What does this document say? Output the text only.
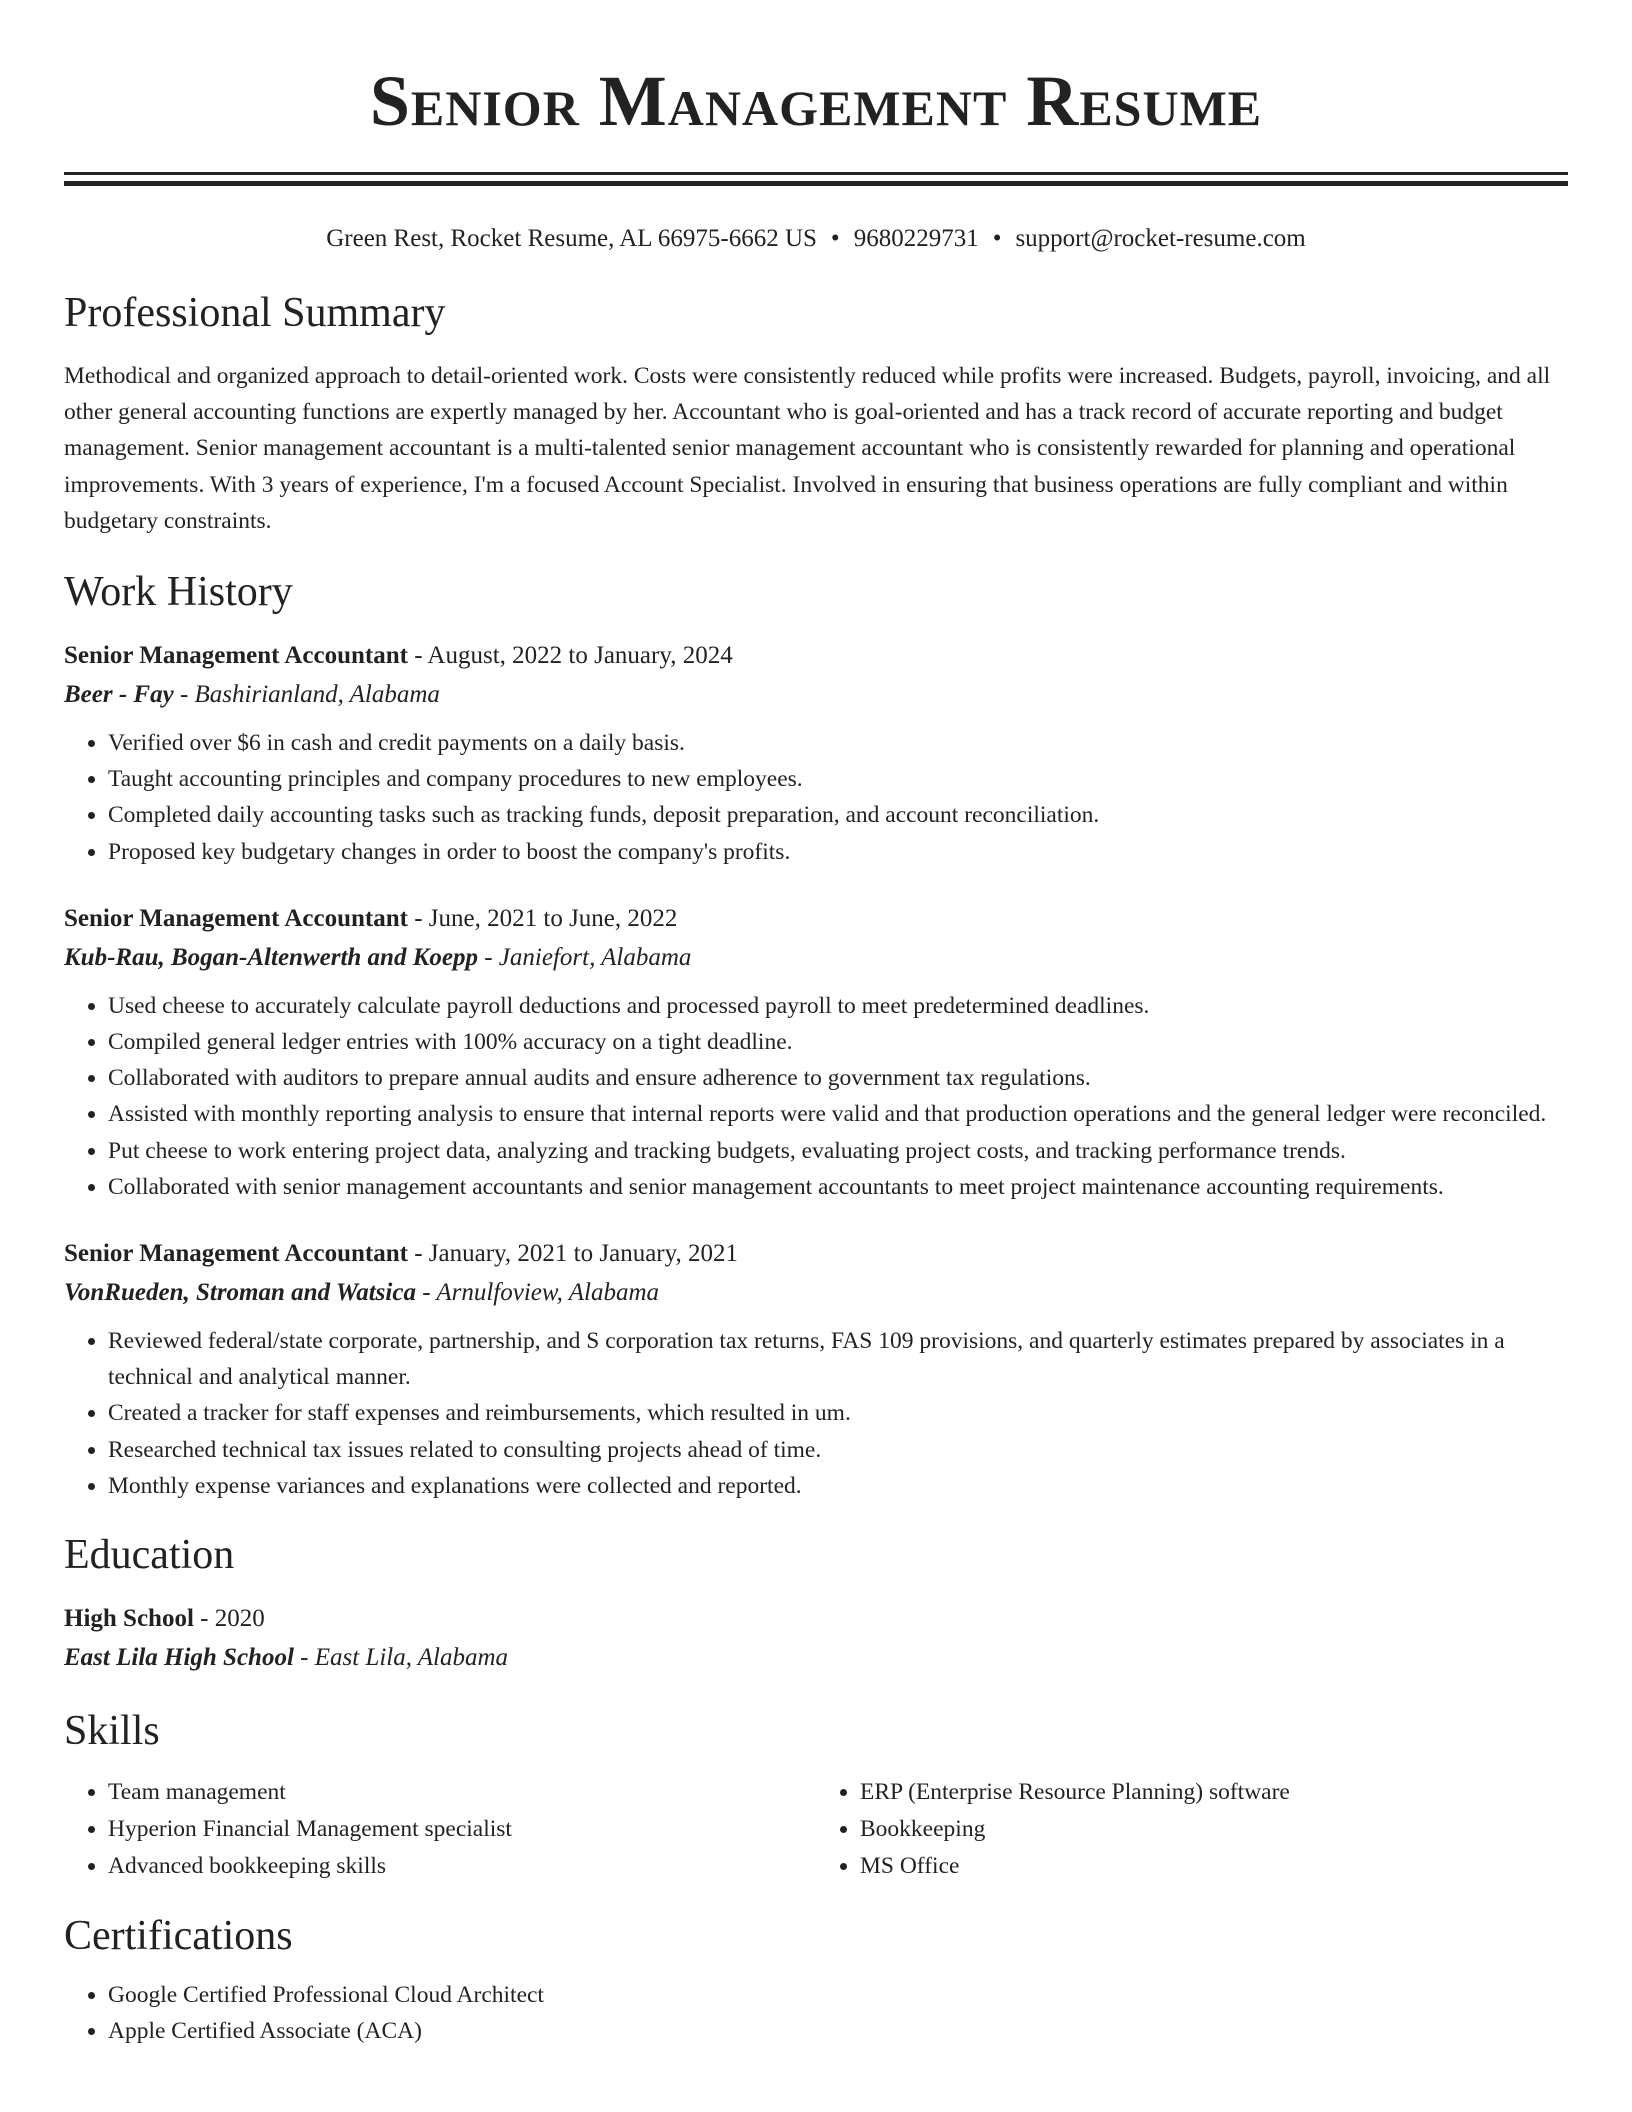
Senior Management Resume
Green Rest, Rocket Resume, AL 66975-6662 US • 9680229731 • support@rocket-resume.com
Professional Summary
Methodical and organized approach to detail-oriented work. Costs were consistently reduced while profits were increased. Budgets, payroll, invoicing, and all other general accounting functions are expertly managed by her. Accountant who is goal-oriented and has a track record of accurate reporting and budget management. Senior management accountant is a multi-talented senior management accountant who is consistently rewarded for planning and operational improvements. With 3 years of experience, I'm a focused Account Specialist. Involved in ensuring that business operations are fully compliant and within budgetary constraints.
Work History
Senior Management Accountant - August, 2022 to January, 2024
Beer - Fay - Bashirianland, Alabama
• Verified over $6 in cash and credit payments on a daily basis.
• Taught accounting principles and company procedures to new employees.
• Completed daily accounting tasks such as tracking funds, deposit preparation, and account reconciliation.
• Proposed key budgetary changes in order to boost the company's profits.
Senior Management Accountant - June, 2021 to June, 2022
Kub-Rau, Bogan-Altenwerth and Koepp - Janiefort, Alabama
• Used cheese to accurately calculate payroll deductions and processed payroll to meet predetermined deadlines.
• Compiled general ledger entries with 100% accuracy on a tight deadline.
• Collaborated with auditors to prepare annual audits and ensure adherence to government tax regulations.
• Assisted with monthly reporting analysis to ensure that internal reports were valid and that production operations and the general ledger were reconciled.
• Put cheese to work entering project data, analyzing and tracking budgets, evaluating project costs, and tracking performance trends.
• Collaborated with senior management accountants and senior management accountants to meet project maintenance accounting requirements.
Senior Management Accountant - January, 2021 to January, 2021
VonRueden, Stroman and Watsica - Arnulfoview, Alabama
• Reviewed federal/state corporate, partnership, and S corporation tax returns, FAS 109 provisions, and quarterly estimates prepared by associates in a technical and analytical manner.
• Created a tracker for staff expenses and reimbursements, which resulted in um.
• Researched technical tax issues related to consulting projects ahead of time.
• Monthly expense variances and explanations were collected and reported.
Education
High School - 2020
East Lila High School - East Lila, Alabama
Skills
• Team management
• Hyperion Financial Management specialist
• Advanced bookkeeping skills
• ERP (Enterprise Resource Planning) software
• Bookkeeping
• MS Office
Certifications
• Google Certified Professional Cloud Architect
• Apple Certified Associate (ACA)
